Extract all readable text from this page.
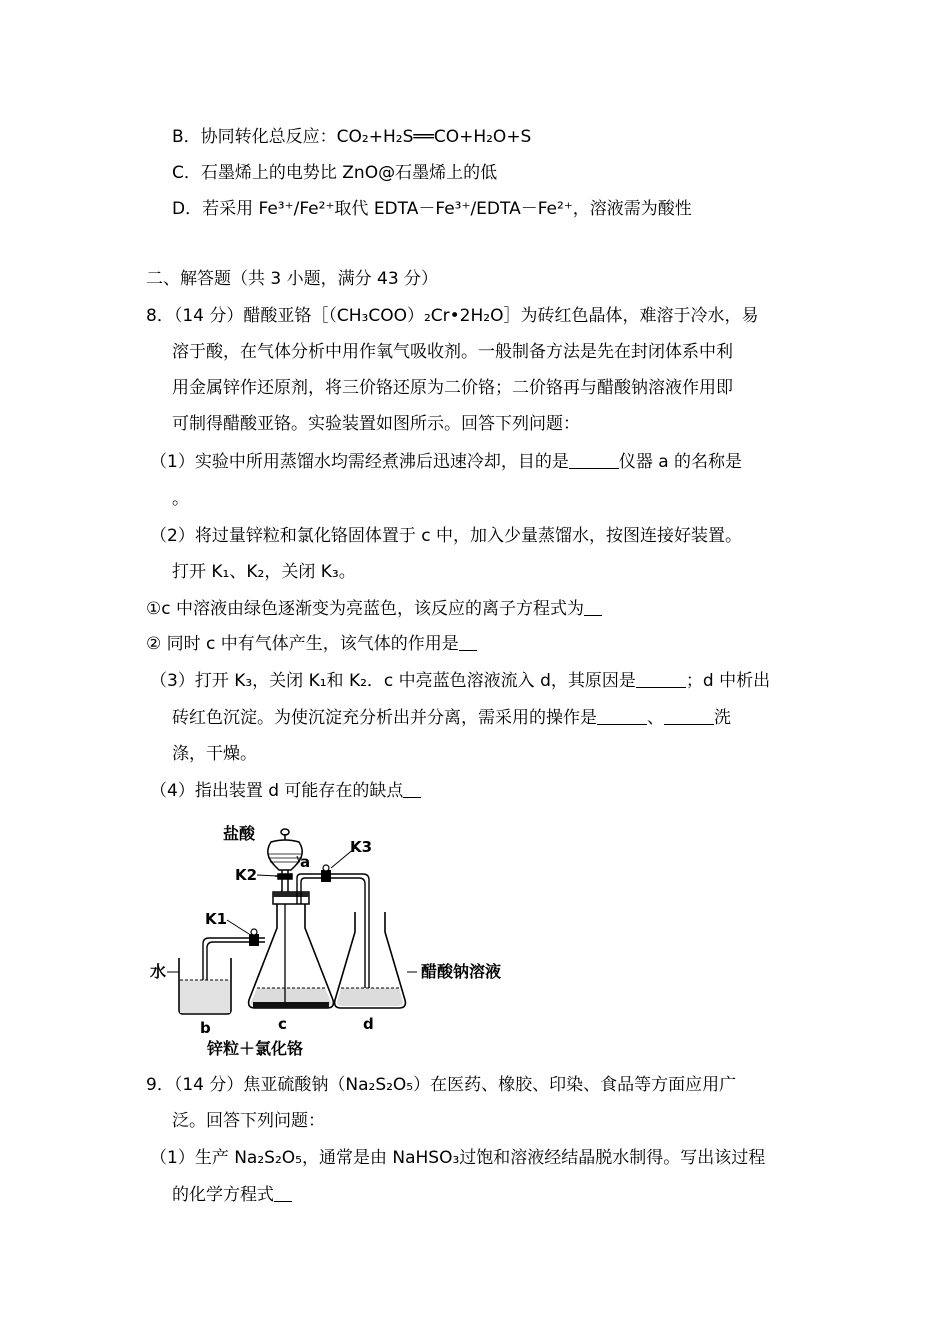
B．协同转化总反应：CO₂+H₂S══CO+H₂O+S
C．石墨烯上的电势比 ZnO@石墨烯上的低
D．若采用 Fe³⁺/Fe²⁺取代 EDTA－Fe³⁺/EDTA－Fe²⁺，溶液需为酸性
二、解答题（共 3 小题，满分 43 分）
8．（14 分）醋酸亚铬［（CH₃COO）₂Cr•2H₂O］为砖红色晶体，难溶于冷水，易
溶于酸，在气体分析中用作氧气吸收剂。一般制备方法是先在封闭体系中利
用金属锌作还原剂，将三价铬还原为二价铬；二价铬再与醋酸钠溶液作用即
可制得醋酸亚铬。实验装置如图所示。回答下列问题：
（1）实验中所用蒸馏水均需经煮沸后迅速冷却，目的是	仪器 a 的名称是
。
（2）将过量锌粒和氯化铬固体置于 c 中，加入少量蒸馏水，按图连接好装置。
打开 K₁、K₂，关闭 K₃。
①c 中溶液由绿色逐渐变为亮蓝色，该反应的离子方程式为
② 同时 c 中有气体产生，该气体的作用是
（3）打开 K₃，关闭 K₁和 K₂．c 中亮蓝色溶液流入 d，其原因是	；d 中析出
砖红色沉淀。为使沉淀充分析出并分离，需采用的操作是	、	洗
涤，干燥。
（4）指出装置 d 可能存在的缺点
盐酸
a
K3
K2
K1
水
b	c	d
醋酸钠溶液
锌粒＋氯化铬
9．（14 分）焦亚硫酸钠（Na₂S₂O₅）在医药、橡胶、印染、食品等方面应用广
泛。回答下列问题：
（1）生产 Na₂S₂O₅，通常是由 NaHSO₃过饱和溶液经结晶脱水制得。写出该过程
的化学方程式
